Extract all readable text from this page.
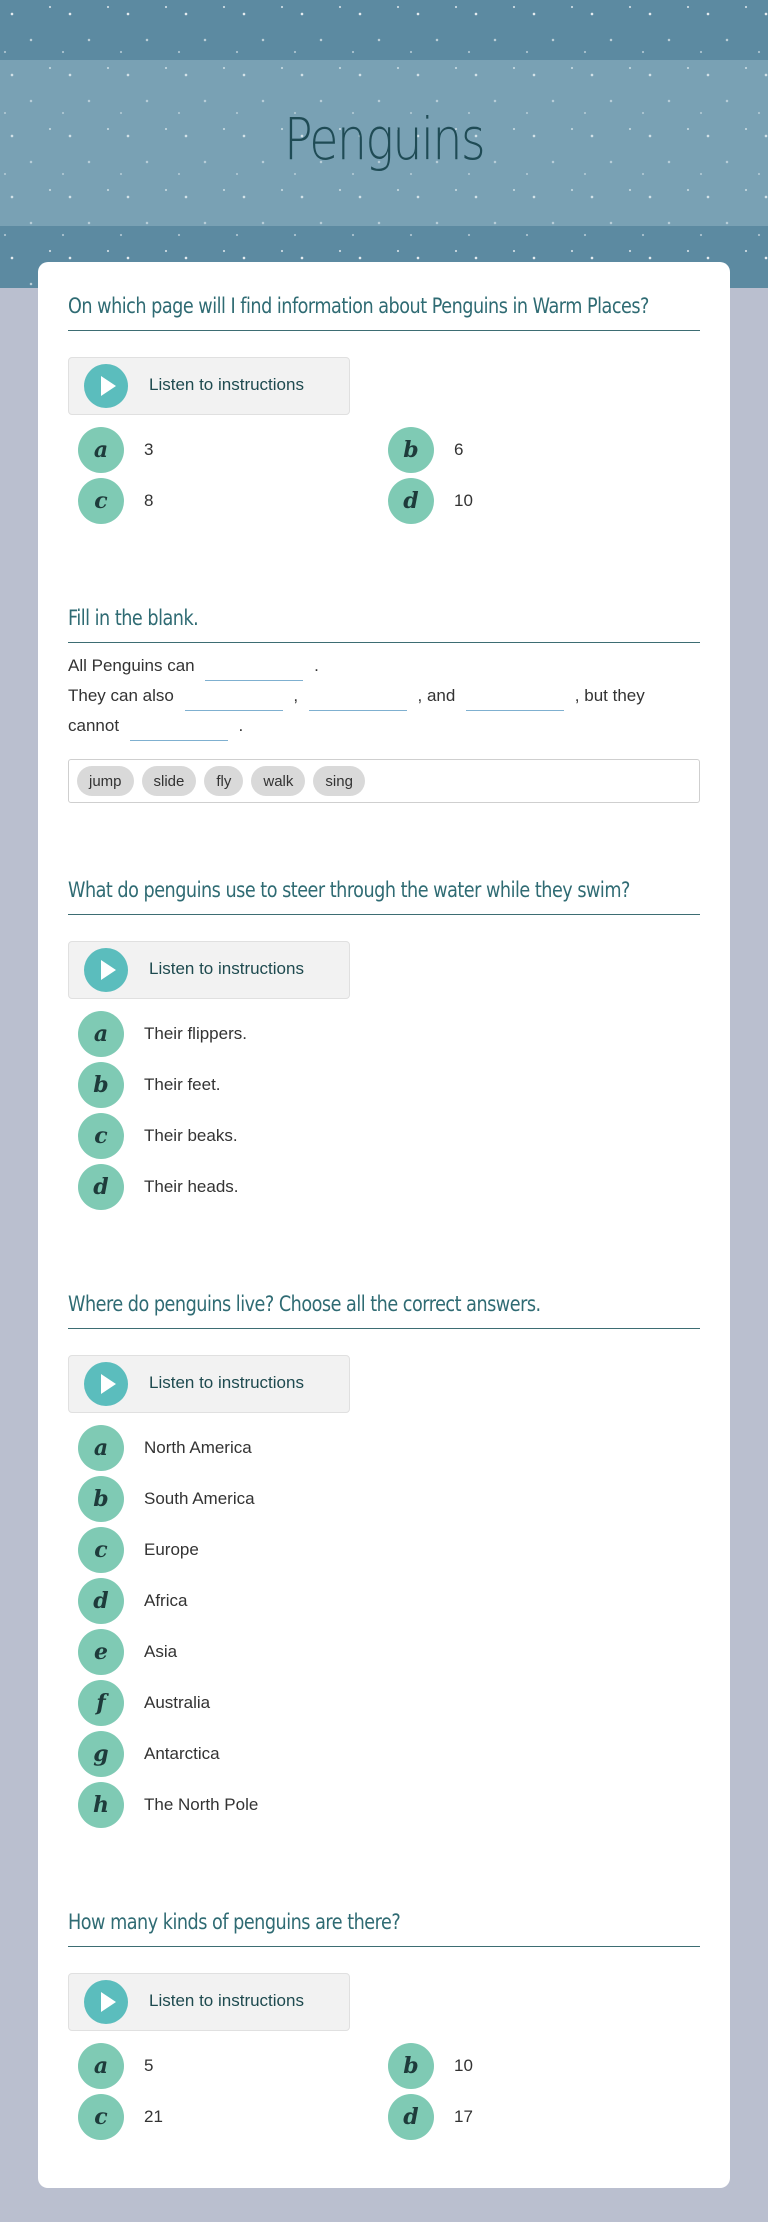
Penguins
On which page will I find information about Penguins in Warm Places?
Listen to instructions
a	3	b	6

c	8	d	10
Fill in the blank.
All Penguins can	.
They can also	,	, and	, but they
cannot	.
jump	slide	fly	walk	sing
What do penguins use to steer through the water while they swim?
Listen to instructions
a	Their flippers.
b	Their feet.
c	Their beaks.
d	Their heads.
Where do penguins live? Choose all the correct answers.
Listen to instructions
a	North America
b	South America
c	Europe
d	Africa
e	Asia
f	Australia
g	Antarctica
h	The North Pole
How many kinds of penguins are there?
Listen to instructions
a	5	b	10

c	21	d	17
